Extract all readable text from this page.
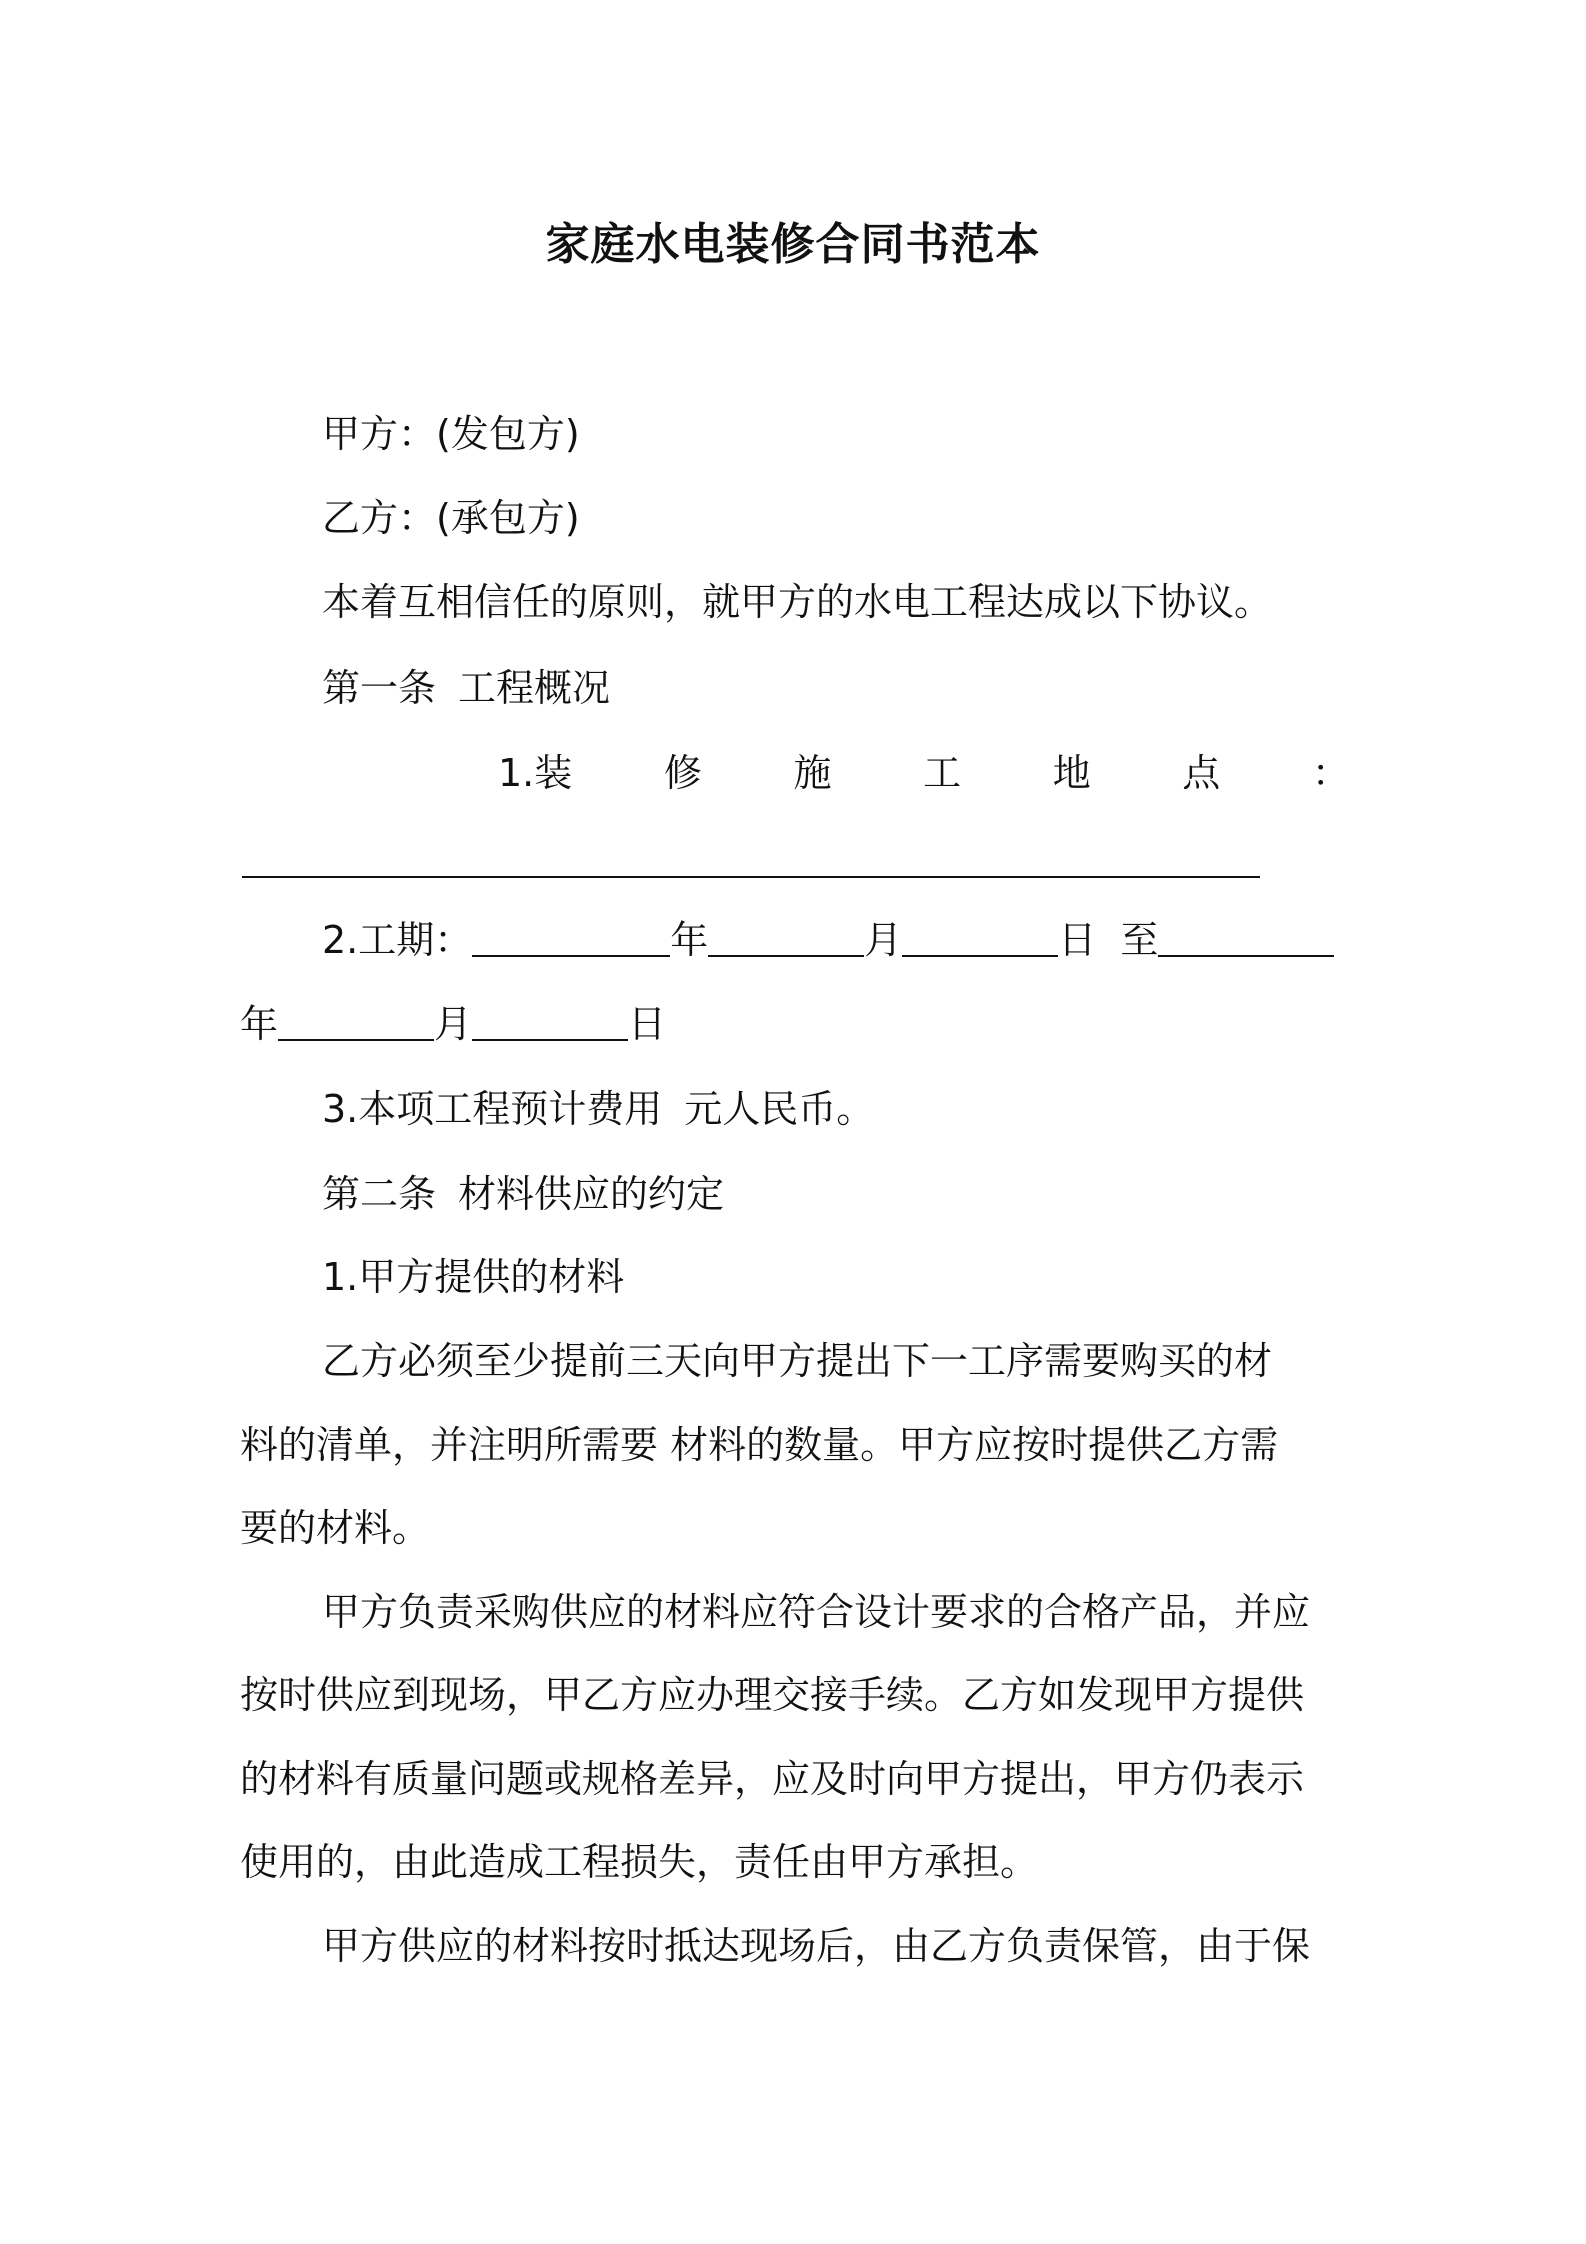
家庭水电装修合同书范本
甲方：(发包方)
乙方：(承包方)
本着互相信任的原则，就甲方的水电工程达成以下协议。
第一条 工程概况
1.装 修 施 工 地 点 ：
2.工期：	年	月	日 至
年	月	日
3.本项工程预计费用 元人民币。
第二条 材料供应的约定
1.甲方提供的材料
乙方必须至少提前三天向甲方提出下一工序需要购买的材
料的清单，并注明所需要 材料的数量。甲方应按时提供乙方需
要的材料。
甲方负责采购供应的材料应符合设计要求的合格产品，并应
按时供应到现场，甲乙方应办理交接手续。乙方如发现甲方提供
的材料有质量问题或规格差异，应及时向甲方提出，甲方仍表示
使用的，由此造成工程损失，责任由甲方承担。
甲方供应的材料按时抵达现场后，由乙方负责保管，由于保
